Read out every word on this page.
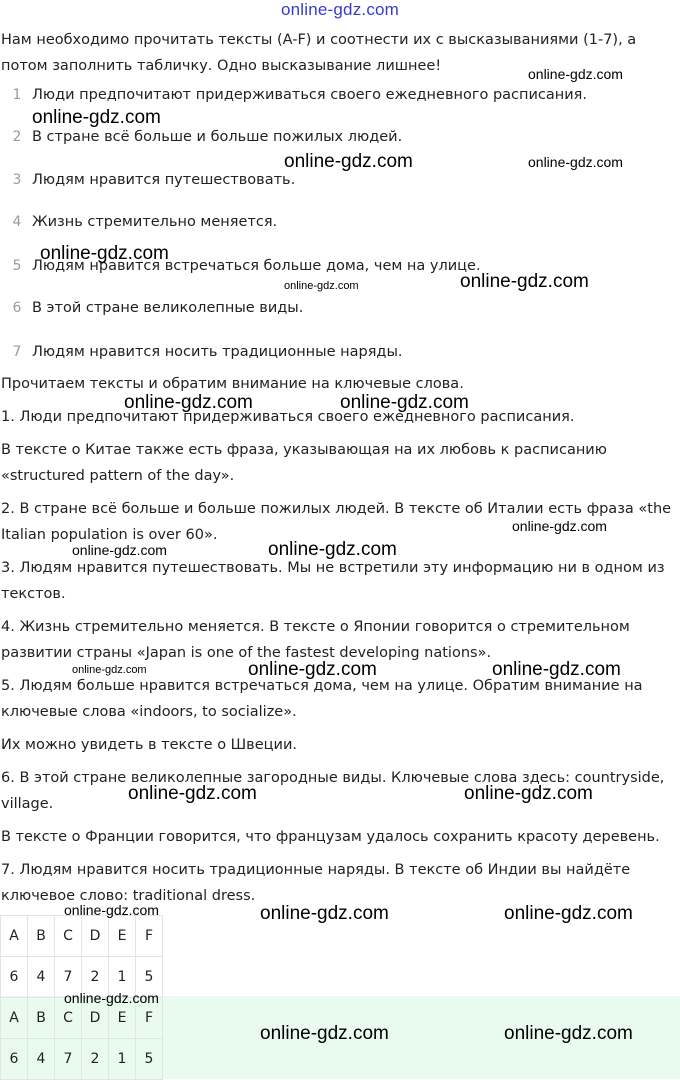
online-gdz.com

Нам необходимо прочитать тексты (A-F) и соотнести их с высказываниями (1-7), а потом заполнить табличку. Одно высказывание лишнее!

1 Люди предпочитают придерживаться своего ежедневного расписания.
2 В стране всё больше и больше пожилых людей.
3 Людям нравится путешествовать.
4 Жизнь стремительно меняется.
5 Людям нравится встречаться больше дома, чем на улице.
6 В этой стране великолепные виды.
7 Людям нравится носить традиционные наряды.

Прочитаем тексты и обратим внимание на ключевые слова.

1. Люди предпочитают придерживаться своего ежедневного расписания.

В тексте о Китае также есть фраза, указывающая на их любовь к расписанию «structured pattern of the day».

2. В стране всё больше и больше пожилых людей. В тексте об Италии есть фраза «the Italian population is over 60».

3. Людям нравится путешествовать. Мы не встретили эту информацию ни в одном из текстов.

4. Жизнь стремительно меняется. В тексте о Японии говорится о стремительном развитии страны «Japan is one of the fastest developing nations».

5. Людям больше нравится встречаться дома, чем на улице. Обратим внимание на ключевые слова «indoors, to socialize».

Их можно увидеть в тексте о Швеции.

6. В этой стране великолепные загородные виды. Ключевые слова здесь: countryside, village.

В тексте о Франции говорится, что французам удалось сохранить красоту деревень.

7. Людям нравится носить традиционные наряды. В тексте об Индии вы найдёте ключевое слово: traditional dress.

A	B	C	D	E	F
6	4	7	2	1	5
A	B	C	D	E	F
6	4	7	2	1	5
online-gdz.com
online-gdz.com
online-gdz.com	online-gdz.com
online-gdz.com
online-gdz.com	online-gdz.com
online-gdz.com	online-gdz.com
online-gdz.com
online-gdz.com	online-gdz.com
online-gdz.com	online-gdz.com	online-gdz.com
online-gdz.com	online-gdz.com
online-gdz.com	online-gdz.com	online-gdz.com
online-gdz.com
online-gdz.com	online-gdz.com
